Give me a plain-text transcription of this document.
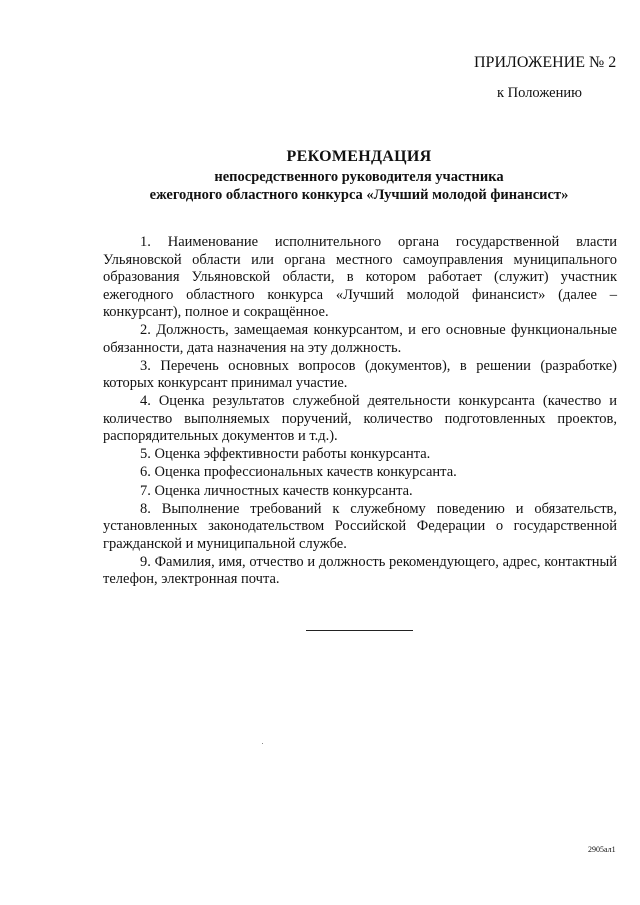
ПРИЛОЖЕНИЕ № 2
к Положению
РЕКОМЕНДАЦИЯ
непосредственного руководителя участника
ежегодного областного конкурса «Лучший молодой финансист»

1. Наименование исполнительного органа государственной власти Ульяновской области или органа местного самоуправления муниципального образования Ульяновской области, в котором работает (служит) участник ежегодного областного конкурса «Лучший молодой финансист» (далее – конкурсант), полное и сокращённое.

2. Должность, замещаемая конкурсантом, и его основные функциональные обязанности, дата назначения на эту должность.

3. Перечень основных вопросов (документов), в решении (разработке) которых конкурсант принимал участие.

4. Оценка результатов служебной деятельности конкурсанта (качество и количество выполняемых поручений, количество подготовленных проектов, распорядительных документов и т.д.).

5. Оценка эффективности работы конкурсанта.

6. Оценка профессиональных качеств конкурсанта.

7. Оценка личностных качеств конкурсанта.

8. Выполнение требований к служебному поведению и обязательств, установленных законодательством Российской Федерации о государственной гражданской и муниципальной службе.

9. Фамилия, имя, отчество и должность рекомендующего, адрес, контактный телефон, электронная почта.

2905ал1
